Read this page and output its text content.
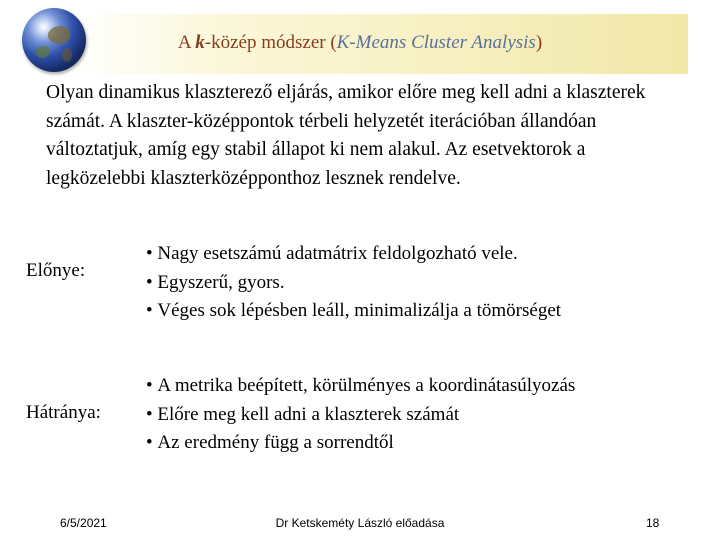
A k-közép módszer (K-Means Cluster Analysis)
Olyan dinamikus klaszterező eljárás, amikor előre meg kell adni a klaszterek számát. A klaszter-középpontok térbeli helyzetét iterációban állandóan változtatjuk, amíg egy stabil állapot ki nem alakul. Az esetvektorok a legközelebbi klaszterközépponthoz lesznek rendelve.
Előnye:
• Nagy esetszámú adatmátrix feldolgozható vele.
• Egyszerű, gyors.
• Véges sok lépésben leáll, minimalizálja a tömörséget
Hátránya:
• A metrika beépített, körülményes a koordinátasúlyozás
• Előre meg kell adni a klaszterek számát
• Az eredmény függ a sorrendtől
6/5/2021	Dr Ketskeméty László előadása	18
